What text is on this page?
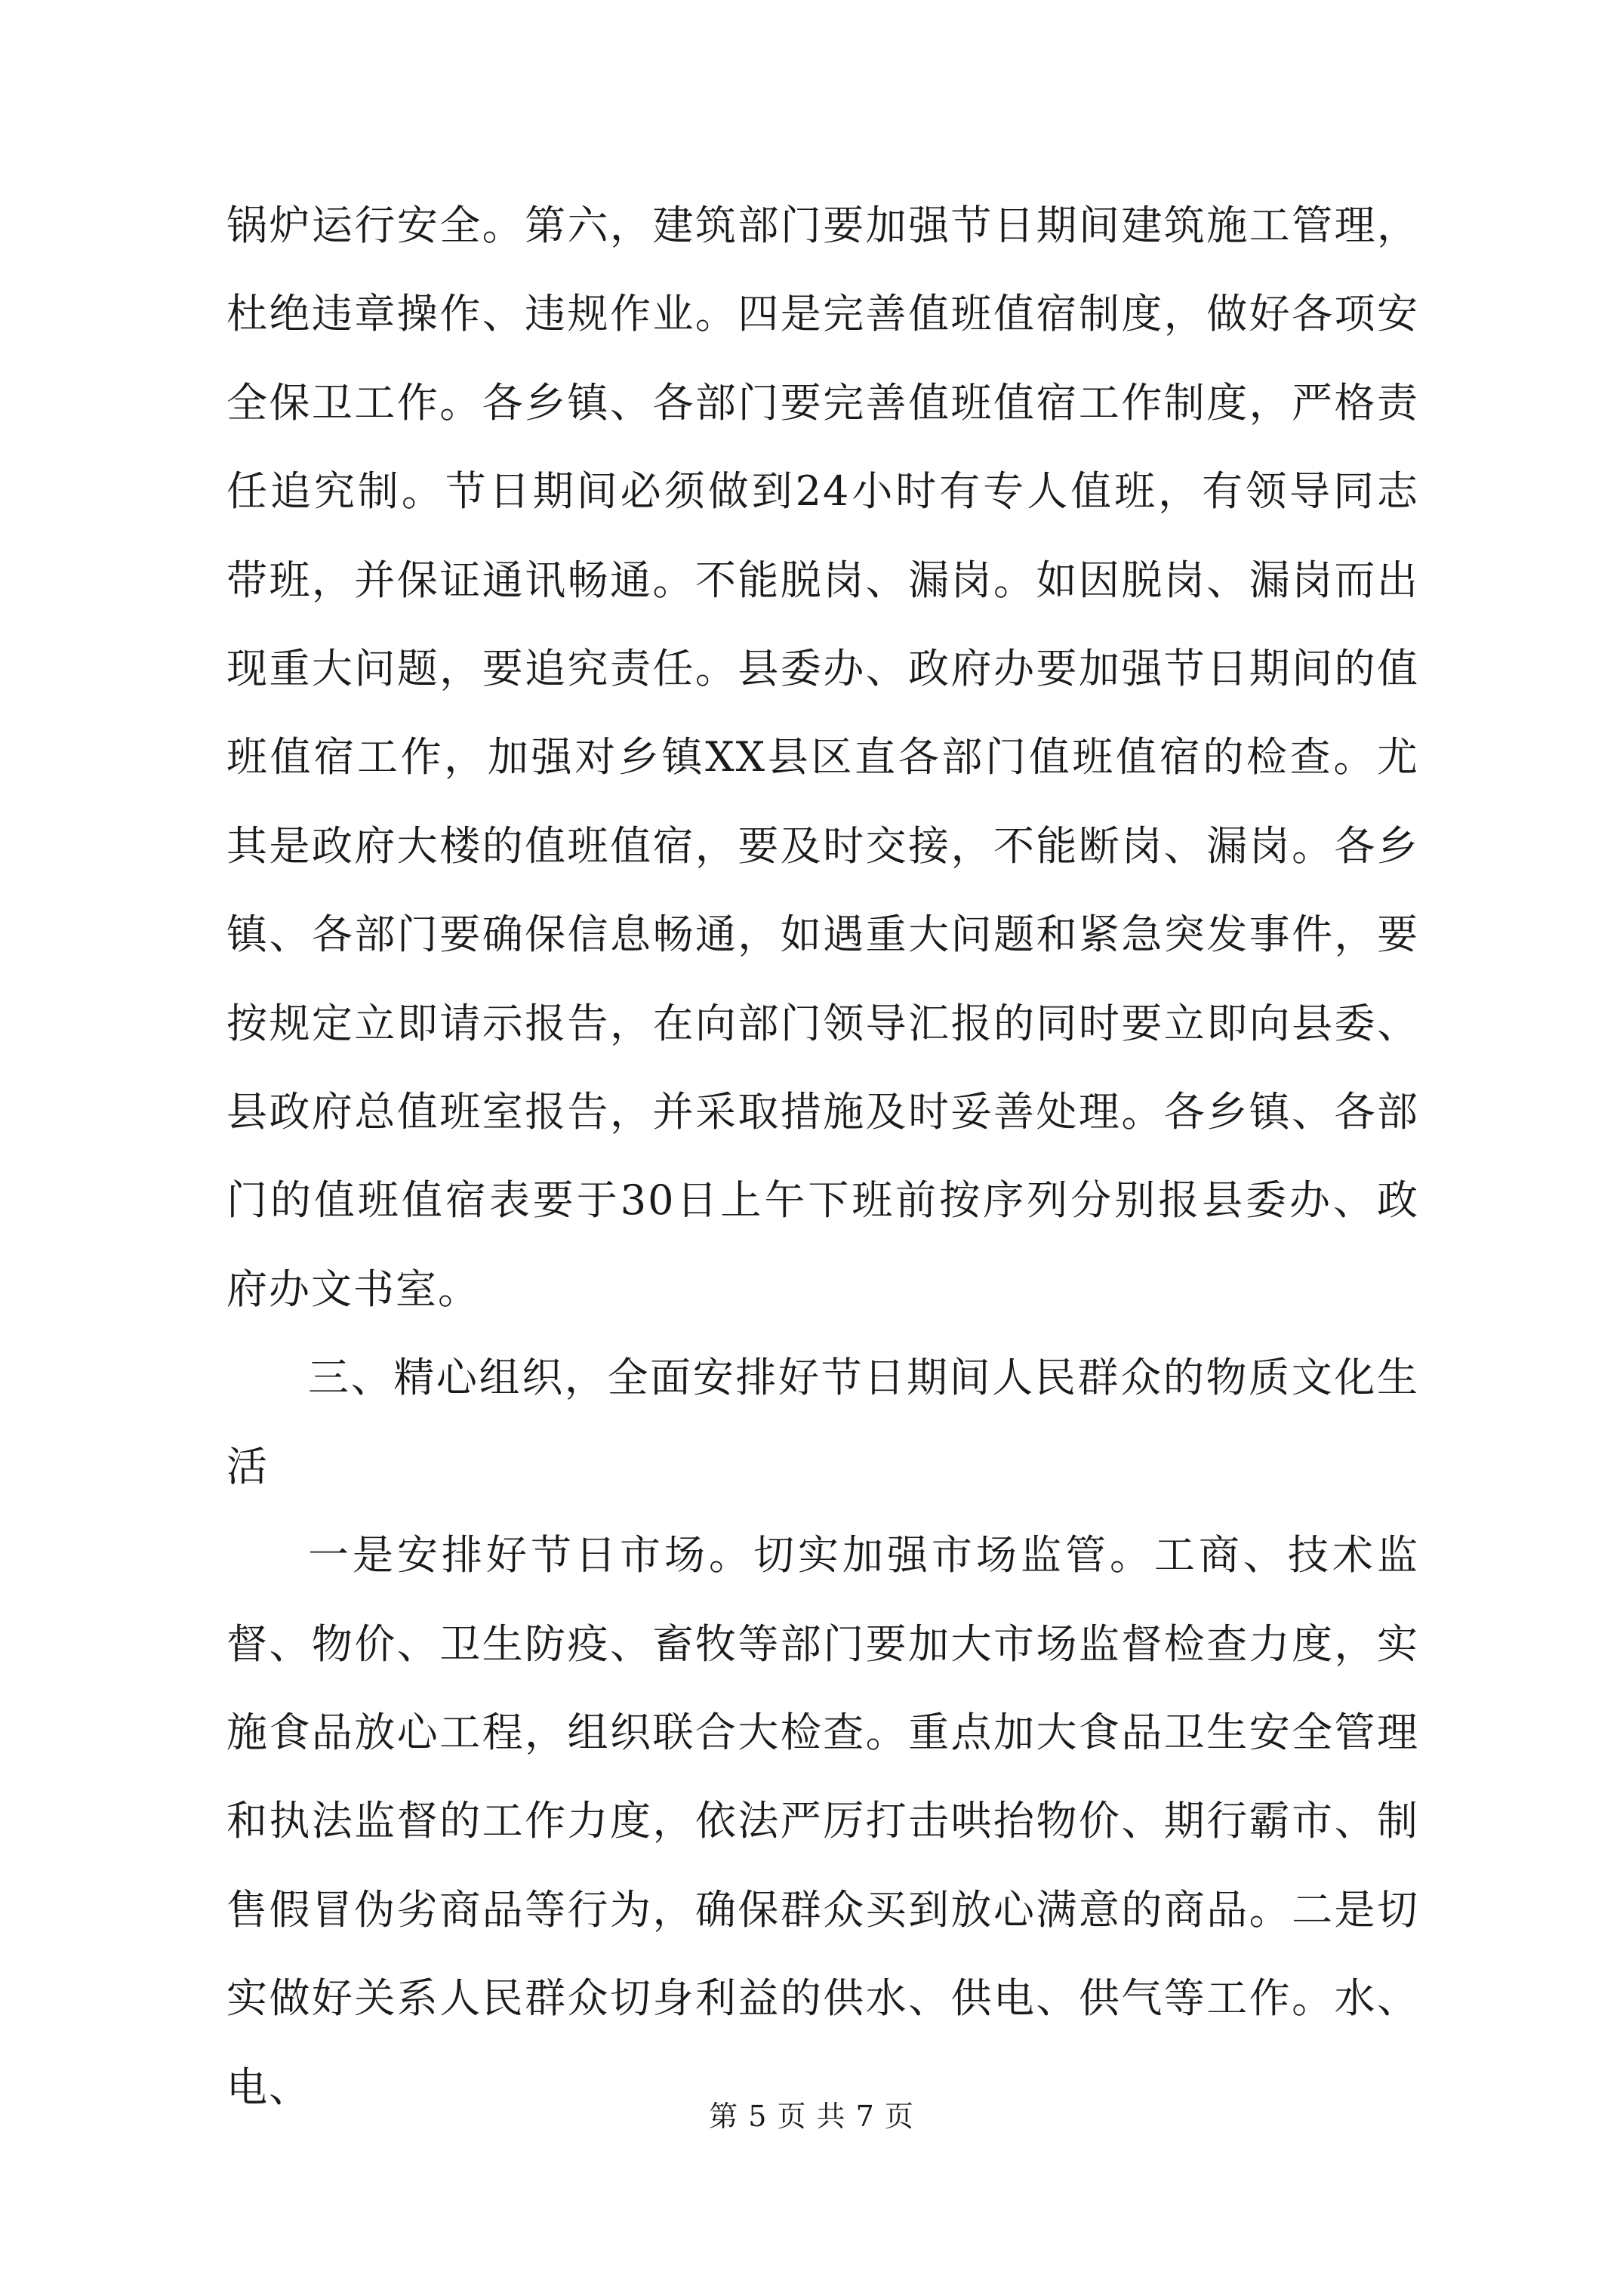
锅炉运行安全。第六，建筑部门要加强节日期间建筑施工管理，杜绝违章操作、违规作业。四是完善值班值宿制度，做好各项安全保卫工作。各乡镇、各部门要完善值班值宿工作制度，严格责任追究制。节日期间必须做到24小时有专人值班，有领导同志带班，并保证通讯畅通。不能脱岗、漏岗。如因脱岗、漏岗而出现重大问题，要追究责任。县委办、政府办要加强节日期间的值班值宿工作，加强对乡镇XX县区直各部门值班值宿的检查。尤其是政府大楼的值班值宿，要及时交接，不能断岗、漏岗。各乡镇、各部门要确保信息畅通，如遇重大问题和紧急突发事件，要按规定立即请示报告，在向部门领导汇报的同时要立即向县委、县政府总值班室报告，并采取措施及时妥善处理。各乡镇、各部门的值班值宿表要于30日上午下班前按序列分别报县委办、政府办文书室。

三、精心组织，全面安排好节日期间人民群众的物质文化生活

一是安排好节日市场。切实加强市场监管。工商、技术监督、物价、卫生防疫、畜牧等部门要加大市场监督检查力度，实施食品放心工程，组织联合大检查。重点加大食品卫生安全管理和执法监督的工作力度，依法严厉打击哄抬物价、期行霸市、制售假冒伪劣商品等行为，确保群众买到放心满意的商品。二是切实做好关系人民群众切身利益的供水、供电、供气等工作。水、电、

第 5 页 共 7 页
